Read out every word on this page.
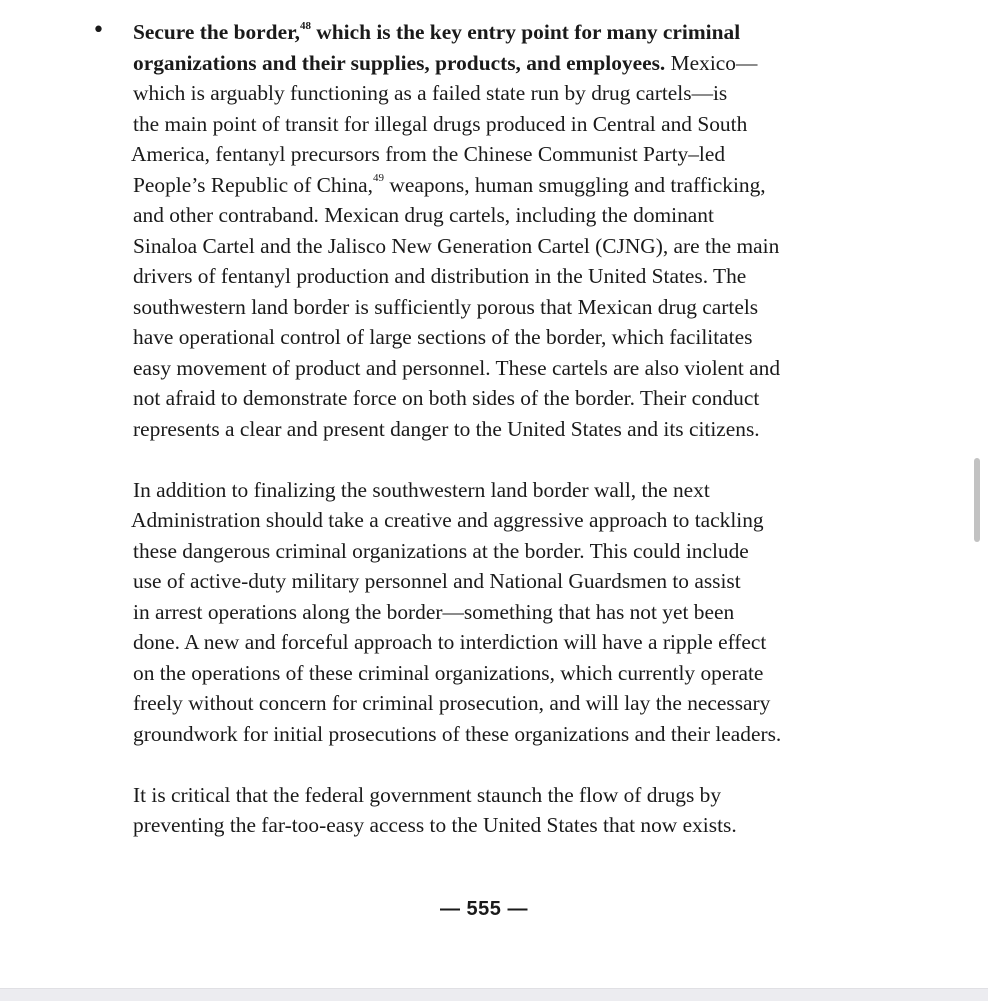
• Secure the border,$^{48}$ which is the key entry point for many criminal
organizations and their supplies, products, and employees. Mexico—
which is arguably functioning as a failed state run by drug cartels—is
the main point of transit for illegal drugs produced in Central and South
America, fentanyl precursors from the Chinese Communist Party–led
People’s Republic of China,$^{49}$ weapons, human smuggling and trafficking,
and other contraband. Mexican drug cartels, including the dominant
Sinaloa Cartel and the Jalisco New Generation Cartel (CJNG), are the main
drivers of fentanyl production and distribution in the United States. The
southwestern land border is sufficiently porous that Mexican drug cartels
have operational control of large sections of the border, which facilitates
easy movement of product and personnel. These cartels are also violent and
not afraid to demonstrate force on both sides of the border. Their conduct
represents a clear and present danger to the United States and its citizens.

In addition to finalizing the southwestern land border wall, the next
Administration should take a creative and aggressive approach to tackling
these dangerous criminal organizations at the border. This could include
use of active-duty military personnel and National Guardsmen to assist
in arrest operations along the border—something that has not yet been
done. A new and forceful approach to interdiction will have a ripple effect
on the operations of these criminal organizations, which currently operate
freely without concern for criminal prosecution, and will lay the necessary
groundwork for initial prosecutions of these organizations and their leaders.

It is critical that the federal government staunch the flow of drugs by
preventing the far-too-easy access to the United States that now exists.

— 555 —
